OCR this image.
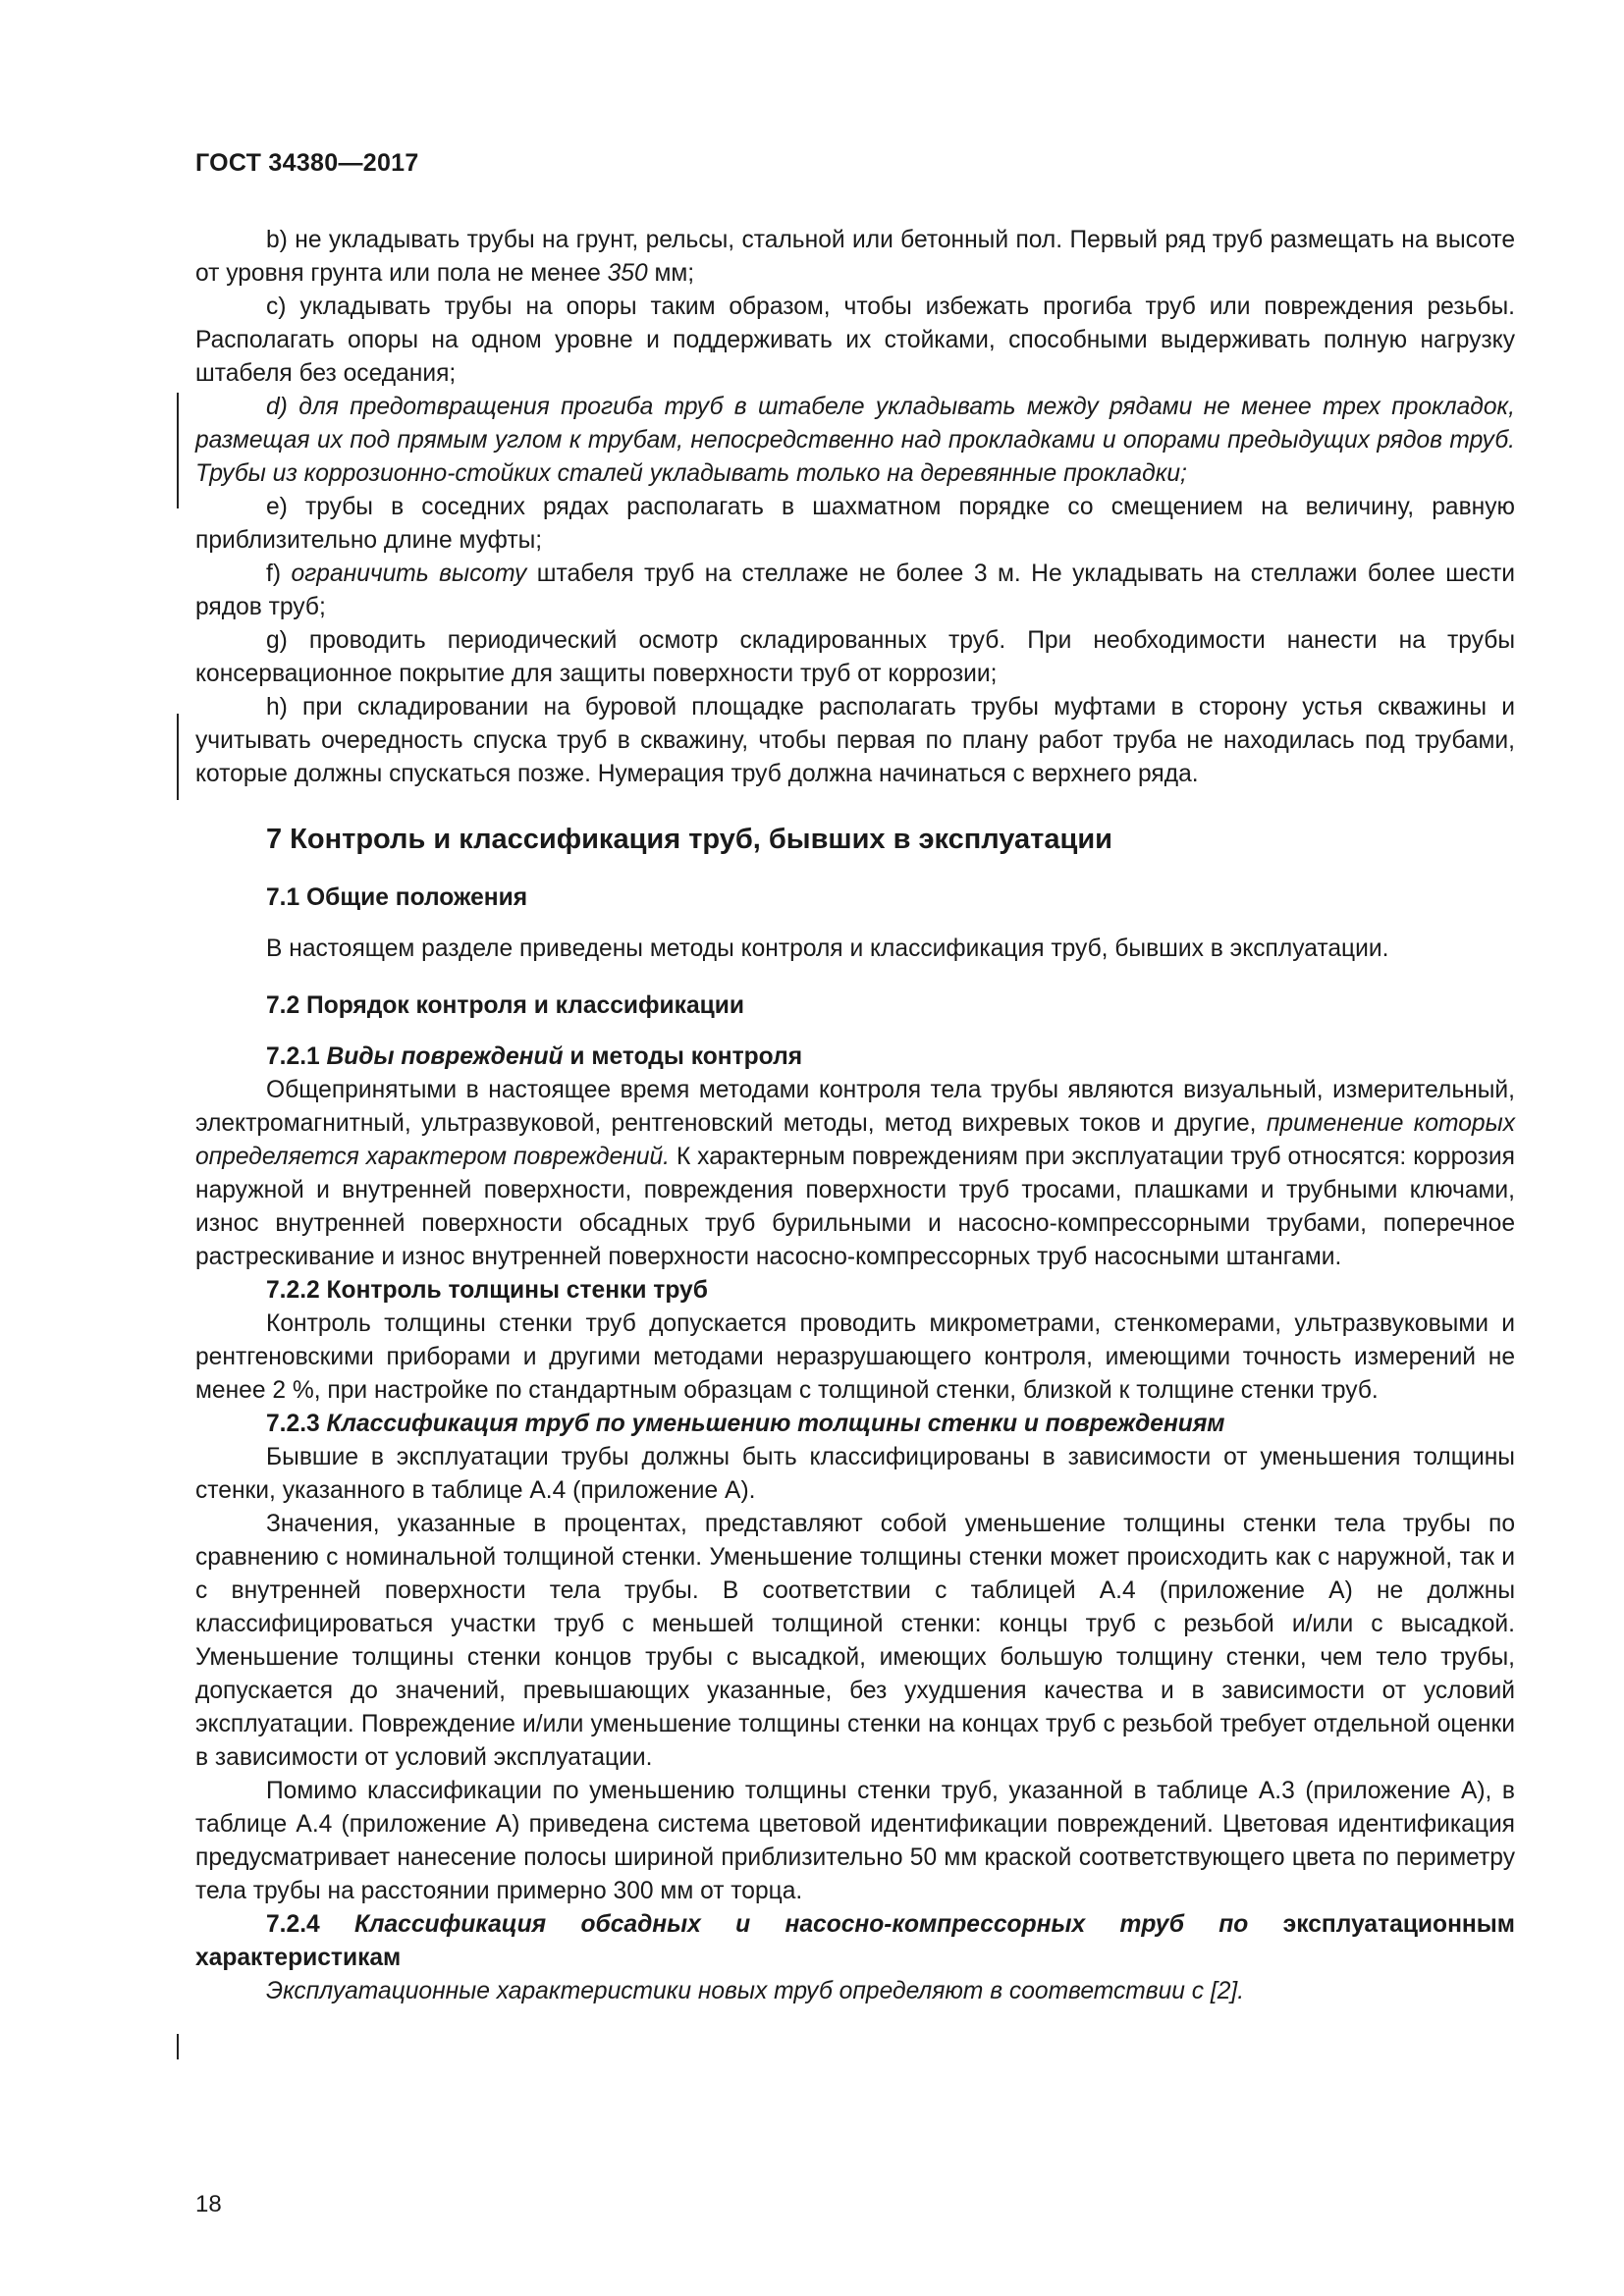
ГОСТ 34380—2017

b) не укладывать трубы на грунт, рельсы, стальной или бетонный пол. Первый ряд труб размещать на высоте от уровня грунта или пола не менее 350 мм;

c) укладывать трубы на опоры таким образом, чтобы избежать прогиба труб или повреждения резьбы. Располагать опоры на одном уровне и поддерживать их стойками, способными выдерживать полную нагрузку штабеля без оседания;

d) для предотвращения прогиба труб в штабеле укладывать между рядами не менее трех прокладок, размещая их под прямым углом к трубам, непосредственно над прокладками и опорами предыдущих рядов труб. Трубы из коррозионно-стойких сталей укладывать только на деревянные прокладки;

e) трубы в соседних рядах располагать в шахматном порядке со смещением на величину, равную приблизительно длине муфты;

f) ограничить высоту штабеля труб на стеллаже не более 3 м. Не укладывать на стеллажи более шести рядов труб;

g) проводить периодический осмотр складированных труб. При необходимости нанести на трубы консервационное покрытие для защиты поверхности труб от коррозии;

h) при складировании на буровой площадке располагать трубы муфтами в сторону устья скважины и учитывать очередность спуска труб в скважину, чтобы первая по плану работ труба не находилась под трубами, которые должны спускаться позже. Нумерация труб должна начинаться с верхнего ряда.

7 Контроль и классификация труб, бывших в эксплуатации

7.1 Общие положения

В настоящем разделе приведены методы контроля и классификация труб, бывших в эксплуатации.

7.2 Порядок контроля и классификации

7.2.1 Виды повреждений и методы контроля

Общепринятыми в настоящее время методами контроля тела трубы являются визуальный, измерительный, электромагнитный, ультразвуковой, рентгеновский методы, метод вихревых токов и другие, применение которых определяется характером повреждений. К характерным повреждениям при эксплуатации труб относятся: коррозия наружной и внутренней поверхности, повреждения поверхности труб тросами, плашками и трубными ключами, износ внутренней поверхности обсадных труб бурильными и насосно-компрессорными трубами, поперечное растрескивание и износ внутренней поверхности насосно-компрессорных труб насосными штангами.

7.2.2 Контроль толщины стенки труб

Контроль толщины стенки труб допускается проводить микрометрами, стенкомерами, ультразвуковыми и рентгеновскими приборами и другими методами неразрушающего контроля, имеющими точность измерений не менее 2 %, при настройке по стандартным образцам с толщиной стенки, близкой к толщине стенки труб.

7.2.3 Классификация труб по уменьшению толщины стенки и повреждениям

Бывшие в эксплуатации трубы должны быть классифицированы в зависимости от уменьшения толщины стенки, указанного в таблице А.4 (приложение А).

Значения, указанные в процентах, представляют собой уменьшение толщины стенки тела трубы по сравнению с номинальной толщиной стенки. Уменьшение толщины стенки может происходить как с наружной, так и с внутренней поверхности тела трубы. В соответствии с таблицей А.4 (приложение А) не должны классифицироваться участки труб с меньшей толщиной стенки: концы труб с резьбой и/или с высадкой. Уменьшение толщины стенки концов трубы с высадкой, имеющих большую толщину стенки, чем тело трубы, допускается до значений, превышающих указанные, без ухудшения качества и в зависимости от условий эксплуатации. Повреждение и/или уменьшение толщины стенки на концах труб с резьбой требует отдельной оценки в зависимости от условий эксплуатации.

Помимо классификации по уменьшению толщины стенки труб, указанной в таблице А.3 (приложение А), в таблице А.4 (приложение А) приведена система цветовой идентификации повреждений. Цветовая идентификация предусматривает нанесение полосы шириной приблизительно 50 мм краской соответствующего цвета по периметру тела трубы на расстоянии примерно 300 мм от торца.

7.2.4 Классификация обсадных и насосно-компрессорных труб по эксплуатационным характеристикам

Эксплуатационные характеристики новых труб определяют в соответствии с [2].

18
